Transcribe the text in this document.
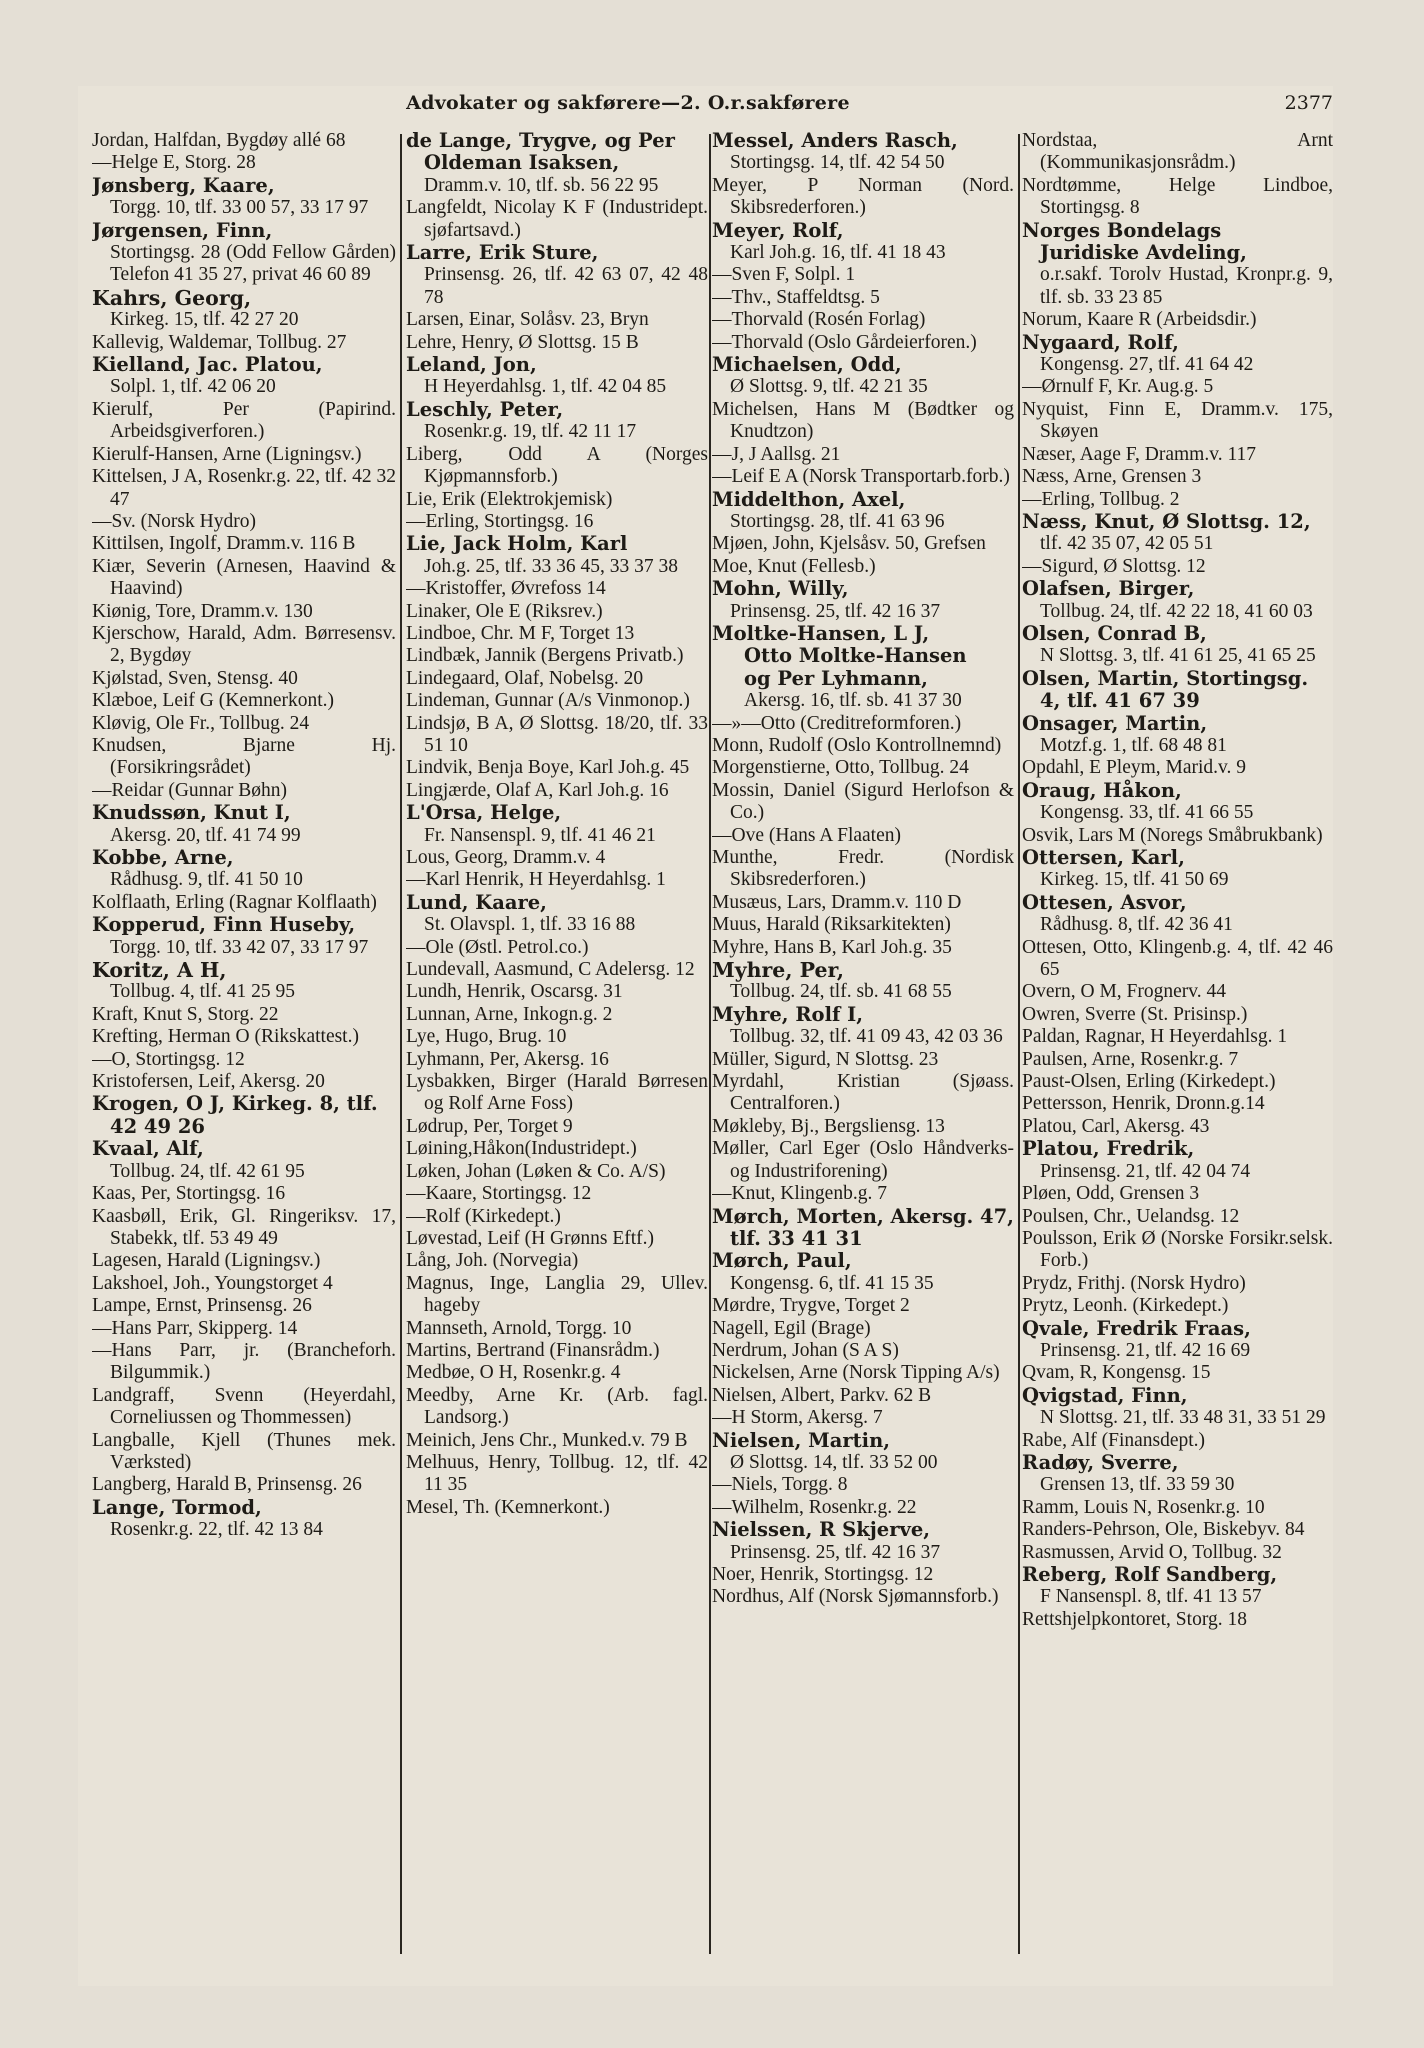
Advokater og sakførere—2. O.r.sakførere	2377

Jordan, Halfdan, Bygdøy allé 68

—Helge E, Storg. 28

Jønsberg, Kaare,

Torgg. 10, tlf. 33 00 57, 33 17 97

Jørgensen, Finn,

Stortingsg. 28 (Odd Fellow Gården) Telefon 41 35 27, privat 46 60 89

Kahrs, Georg,

Kirkeg. 15, tlf. 42 27 20

Kallevig, Waldemar, Tollbug. 27

Kielland, Jac. Platou,

Solpl. 1, tlf. 42 06 20

Kierulf, Per (Papirind. Arbeidsgiverforen.)

Kierulf-Hansen, Arne (Ligningsv.)

Kittelsen, J A, Rosenkr.g. 22, tlf. 42 32 47

—Sv. (Norsk Hydro)

Kittilsen, Ingolf, Dramm.v. 116 B

Kiær, Severin (Arnesen, Haavind & Haavind)

Kiønig, Tore, Dramm.v. 130

Kjerschow, Harald, Adm. Børresensv. 2, Bygdøy

Kjølstad, Sven, Stensg. 40

Klæboe, Leif G (Kemnerkont.)

Kløvig, Ole Fr., Tollbug. 24

Knudsen, Bjarne Hj. (Forsikringsrådet)

—Reidar (Gunnar Bøhn)

Knudssøn, Knut I,

Akersg. 20, tlf. 41 74 99

Kobbe, Arne,

Rådhusg. 9, tlf. 41 50 10

Kolflaath, Erling (Ragnar Kolflaath)

Kopperud, Finn Huseby,

Torgg. 10, tlf. 33 42 07, 33 17 97

Koritz, A H,

Tollbug. 4, tlf. 41 25 95

Kraft, Knut S, Storg. 22

Krefting, Herman O (Rikskattest.)

—O, Stortingsg. 12

Kristofersen, Leif, Akersg. 20

Krogen, O J, Kirkeg. 8, tlf. 42 49 26

Kvaal, Alf,

Tollbug. 24, tlf. 42 61 95

Kaas, Per, Stortingsg. 16

Kaasbøll, Erik, Gl. Ringeriksv. 17, Stabekk, tlf. 53 49 49

Lagesen, Harald (Ligningsv.)

Lakshoel, Joh., Youngstorget 4

Lampe, Ernst, Prinsensg. 26

—Hans Parr, Skipperg. 14

—Hans Parr, jr. (Brancheforh. Bilgummik.)

Landgraff, Svenn (Heyerdahl, Corneliussen og Thommessen)

Langballe, Kjell (Thunes mek. Værksted)

Langberg, Harald B, Prinsensg. 26

Lange, Tormod,

Rosenkr.g. 22, tlf. 42 13 84

de Lange, Trygve, og Per

Oldeman Isaksen,

Dramm.v. 10, tlf. sb. 56 22 95

Langfeldt, Nicolay K F (Industridept. sjøfartsavd.)

Larre, Erik Sture,

Prinsensg. 26, tlf. 42 63 07, 42 48 78

Larsen, Einar, Solåsv. 23, Bryn

Lehre, Henry, Ø Slottsg. 15 B

Leland, Jon,

H Heyerdahlsg. 1, tlf. 42 04 85

Leschly, Peter,

Rosenkr.g. 19, tlf. 42 11 17

Liberg, Odd A (Norges Kjøpmannsforb.)

Lie, Erik (Elektrokjemisk)

—Erling, Stortingsg. 16

Lie, Jack Holm, Karl

Joh.g. 25, tlf. 33 36 45, 33 37 38

—Kristoffer, Øvrefoss 14

Linaker, Ole E (Riksrev.)

Lindboe, Chr. M F, Torget 13

Lindbæk, Jannik (Bergens Privatb.)

Lindegaard, Olaf, Nobelsg. 20

Lindeman, Gunnar (A/s Vinmonop.)

Lindsjø, B A, Ø Slottsg. 18/20, tlf. 33 51 10

Lindvik, Benja Boye, Karl Joh.g. 45

Lingjærde, Olaf A, Karl Joh.g. 16

L'Orsa, Helge,

Fr. Nansenspl. 9, tlf. 41 46 21

Lous, Georg, Dramm.v. 4

—Karl Henrik, H Heyerdahlsg. 1

Lund, Kaare,

St. Olavspl. 1, tlf. 33 16 88

—Ole (Østl. Petrol.co.)

Lundevall, Aasmund, C Adelersg. 12

Lundh, Henrik, Oscarsg. 31

Lunnan, Arne, Inkogn.g. 2

Lye, Hugo, Brug. 10

Lyhmann, Per, Akersg. 16

Lysbakken, Birger (Harald Børresen og Rolf Arne Foss)

Lødrup, Per, Torget 9

Løining,Håkon(Industridept.)

Løken, Johan (Løken & Co. A/S)

—Kaare, Stortingsg. 12

—Rolf (Kirkedept.)

Løvestad, Leif (H Grønns Eftf.)

Lång, Joh. (Norvegia)

Magnus, Inge, Langlia 29, Ullev. hageby

Mannseth, Arnold, Torgg. 10

Martins, Bertrand (Finansrådm.)

Medbøe, O H, Rosenkr.g. 4

Meedby, Arne Kr. (Arb. fagl. Landsorg.)

Meinich, Jens Chr., Munked.v. 79 B

Melhuus, Henry, Tollbug. 12, tlf. 42 11 35

Mesel, Th. (Kemnerkont.)

Messel, Anders Rasch,

Stortingsg. 14, tlf. 42 54 50

Meyer, P Norman (Nord. Skibsrederforen.)

Meyer, Rolf,

Karl Joh.g. 16, tlf. 41 18 43

—Sven F, Solpl. 1

—Thv., Staffeldtsg. 5

—Thorvald (Rosén Forlag)

—Thorvald (Oslo Gårdeierforen.)

Michaelsen, Odd,

Ø Slottsg. 9, tlf. 42 21 35

Michelsen, Hans M (Bødtker og Knudtzon)

—J, J Aallsg. 21

—Leif E A (Norsk Transportarb.forb.)

Middelthon, Axel,

Stortingsg. 28, tlf. 41 63 96

Mjøen, John, Kjelsåsv. 50, Grefsen

Moe, Knut (Fellesb.)

Mohn, Willy,

Prinsensg. 25, tlf. 42 16 37

Moltke-Hansen, L J,

Otto Moltke-Hansen

og Per Lyhmann,

Akersg. 16, tlf. sb. 41 37 30

—»—Otto (Creditreformforen.)

Monn, Rudolf (Oslo Kontrollnemnd)

Morgenstierne, Otto, Tollbug. 24

Mossin, Daniel (Sigurd Herlofson & Co.)

—Ove (Hans A Flaaten)

Munthe, Fredr. (Nordisk Skibsrederforen.)

Musæus, Lars, Dramm.v. 110 D

Muus, Harald (Riksarkitekten)

Myhre, Hans B, Karl Joh.g. 35

Myhre, Per,

Tollbug. 24, tlf. sb. 41 68 55

Myhre, Rolf I,

Tollbug. 32, tlf. 41 09 43, 42 03 36

Müller, Sigurd, N Slottsg. 23

Myrdahl, Kristian (Sjøass. Centralforen.)

Møkleby, Bj., Bergsliensg. 13

Møller, Carl Eger (Oslo Håndverks- og Industriforening)

—Knut, Klingenb.g. 7

Mørch, Morten, Akersg. 47, tlf. 33 41 31

Mørch, Paul,

Kongensg. 6, tlf. 41 15 35

Mørdre, Trygve, Torget 2

Nagell, Egil (Brage)

Nerdrum, Johan (S A S)

Nickelsen, Arne (Norsk Tipping A/s)

Nielsen, Albert, Parkv. 62 B

—H Storm, Akersg. 7

Nielsen, Martin,

Ø Slottsg. 14, tlf. 33 52 00

—Niels, Torgg. 8

—Wilhelm, Rosenkr.g. 22

Nielssen, R Skjerve,

Prinsensg. 25, tlf. 42 16 37

Noer, Henrik, Stortingsg. 12

Nordhus, Alf (Norsk Sjømannsforb.)

Nordstaa, Arnt (Kommunikasjonsrådm.)

Nordtømme, Helge Lindboe, Stortingsg. 8

Norges Bondelags

Juridiske Avdeling,

o.r.sakf. Torolv Hustad, Kronpr.g. 9, tlf. sb. 33 23 85

Norum, Kaare R (Arbeidsdir.)

Nygaard, Rolf,

Kongensg. 27, tlf. 41 64 42

—Ørnulf F, Kr. Aug.g. 5

Nyquist, Finn E, Dramm.v. 175, Skøyen

Næser, Aage F, Dramm.v. 117

Næss, Arne, Grensen 3

—Erling, Tollbug. 2

Næss, Knut, Ø Slottsg. 12,

tlf. 42 35 07, 42 05 51

—Sigurd, Ø Slottsg. 12

Olafsen, Birger,

Tollbug. 24, tlf. 42 22 18, 41 60 03

Olsen, Conrad B,

N Slottsg. 3, tlf. 41 61 25, 41 65 25

Olsen, Martin, Stortingsg. 4, tlf. 41 67 39

Onsager, Martin,

Motzf.g. 1, tlf. 68 48 81

Opdahl, E Pleym, Marid.v. 9

Oraug, Håkon,

Kongensg. 33, tlf. 41 66 55

Osvik, Lars M (Noregs Småbrukbank)

Ottersen, Karl,

Kirkeg. 15, tlf. 41 50 69

Ottesen, Asvor,

Rådhusg. 8, tlf. 42 36 41

Ottesen, Otto, Klingenb.g. 4, tlf. 42 46 65

Overn, O M, Frognerv. 44

Owren, Sverre (St. Prisinsp.)

Paldan, Ragnar, H Heyerdahlsg. 1

Paulsen, Arne, Rosenkr.g. 7

Paust-Olsen, Erling (Kirkedept.)

Pettersson, Henrik, Dronn.g.14

Platou, Carl, Akersg. 43

Platou, Fredrik,

Prinsensg. 21, tlf. 42 04 74

Pløen, Odd, Grensen 3

Poulsen, Chr., Uelandsg. 12

Poulsson, Erik Ø (Norske Forsikr.selsk. Forb.)

Prydz, Frithj. (Norsk Hydro)

Prytz, Leonh. (Kirkedept.)

Qvale, Fredrik Fraas,

Prinsensg. 21, tlf. 42 16 69

Qvam, R, Kongensg. 15

Qvigstad, Finn,

N Slottsg. 21, tlf. 33 48 31, 33 51 29

Rabe, Alf (Finansdept.)

Radøy, Sverre,

Grensen 13, tlf. 33 59 30

Ramm, Louis N, Rosenkr.g. 10

Randers-Pehrson, Ole, Biskebyv. 84

Rasmussen, Arvid O, Tollbug. 32

Reberg, Rolf Sandberg,

F Nansenspl. 8, tlf. 41 13 57

Rettshjelpkontoret, Storg. 18
